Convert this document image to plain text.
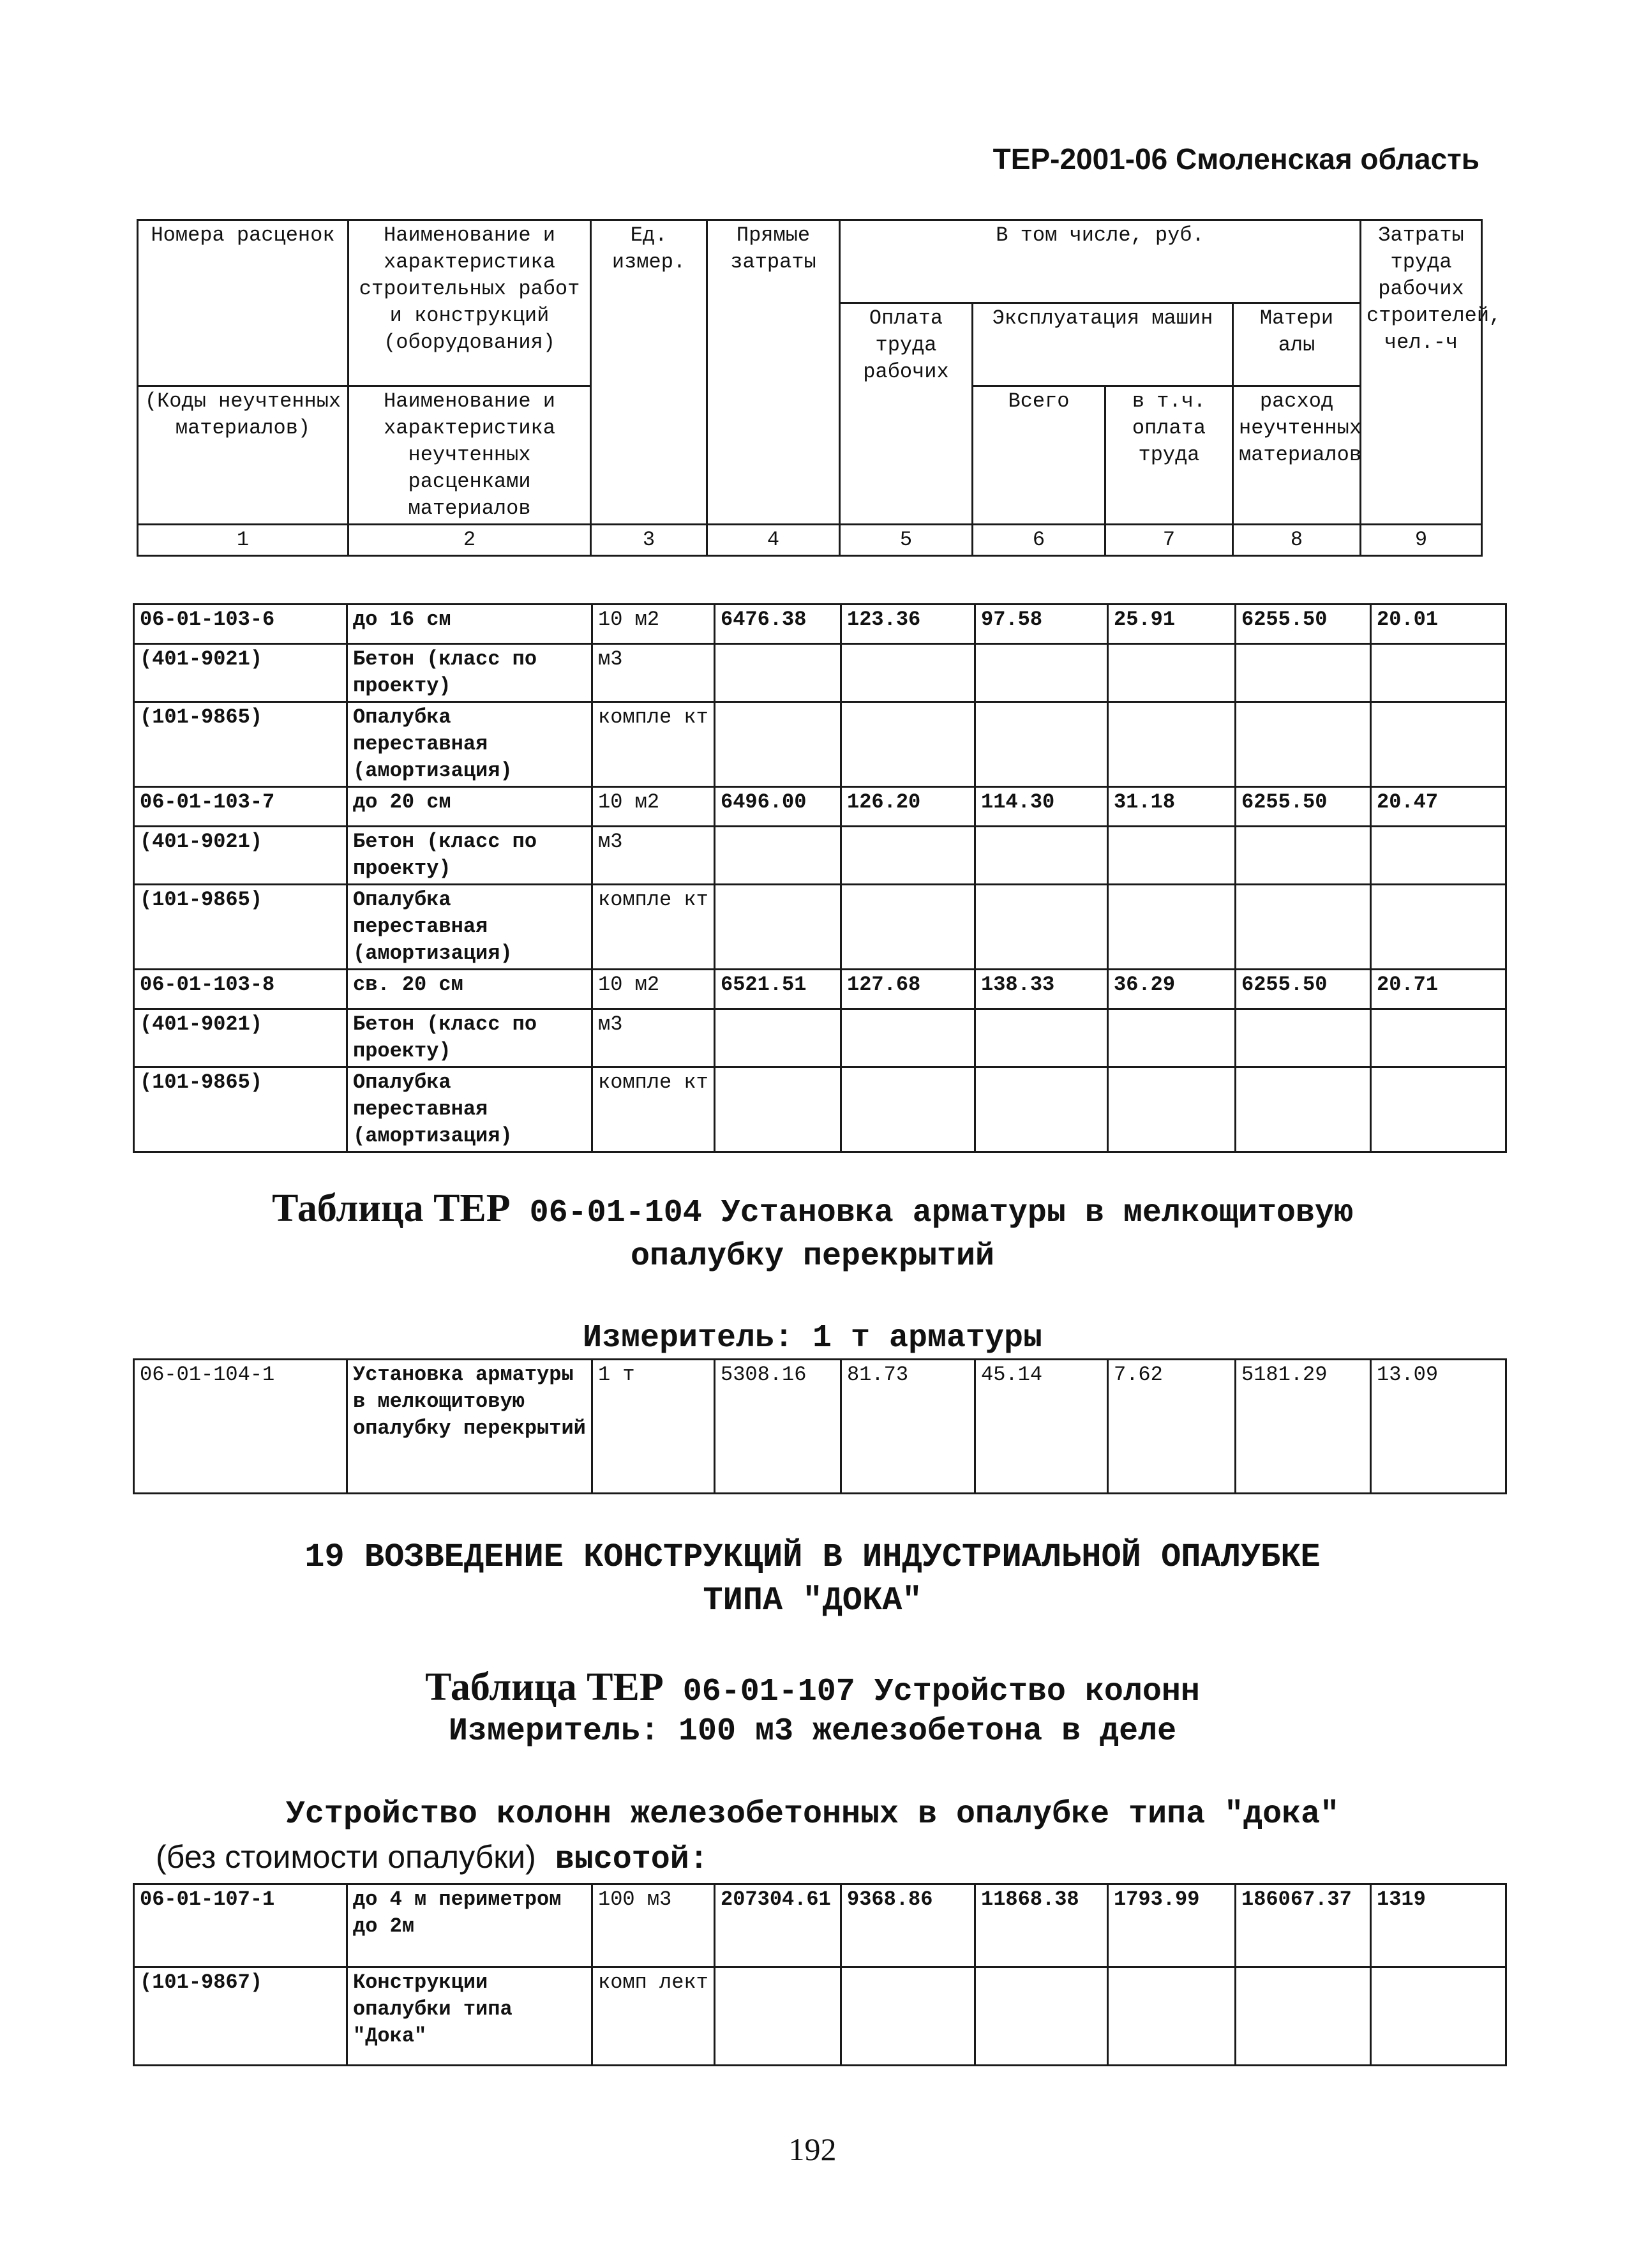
ТЕР-2001-06 Смоленская область
Номера расценок	Наименование и характеристика строительных работ и конструкций (оборудования)	Ед. измер.	Прямые затраты	В том числе, руб.				Затраты труда рабочих строителей, чел.-ч
				Оплата труда рабочих	Эксплуатация машин		Матери алы	
(Коды неучтенных материалов)	Наименование и характеристика неучтенных расценками материалов				Всего	в т.ч. оплата труда	расход неучтенных материалов	
1	2	3	4	5	6	7	8	9
06-01-103-6	до 16 см	10 м2	6476.38	123.36	97.58	25.91	6255.50	20.01
(401-9021)	Бетон (класс по проекту)	м3						
(101-9865)	Опалубка переставная (амортизация)	компле кт						
06-01-103-7	до 20 см	10 м2	6496.00	126.20	114.30	31.18	6255.50	20.47
(401-9021)	Бетон (класс по проекту)	м3						
(101-9865)	Опалубка переставная (амортизация)	компле кт						
06-01-103-8	св. 20 см	10 м2	6521.51	127.68	138.33	36.29	6255.50	20.71
(401-9021)	Бетон (класс по проекту)	м3						
(101-9865)	Опалубка переставная (амортизация)	компле кт						
Таблица ТЕР 06-01-104 Установка арматуры в мелкощитовую
опалубку перекрытий
Измеритель: 1 т арматуры
06-01-104-1	Установка арматуры в мелкощитовую опалубку перекрытий	1 т	5308.16	81.73	45.14	7.62	5181.29	13.09
19 ВОЗВЕДЕНИЕ КОНСТРУКЦИЙ В ИНДУСТРИАЛЬНОЙ ОПАЛУБКЕ
ТИПА "ДОКА"
Таблица ТЕР 06-01-107 Устройство колонн
Измеритель: 100 м3 железобетона в деле
Устройство колонн железобетонных в опалубке типа "дока"
(без стоимости опалубки) высотой:
06-01-107-1	до 4 м периметром до 2м	100 м3	207304.61	9368.86	11868.38	1793.99	186067.37	1319
(101-9867)	Конструкции опалубки типа "Дока"	комп лект						
192
